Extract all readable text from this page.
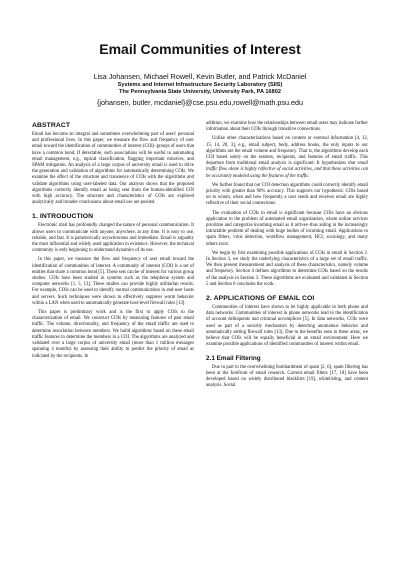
Email Communities of Interest
Lisa Johansen, Michael Rowell, Kevin Butler, and Patrick McDaniel
Systems and Internet Infrastructure Security Laboratory (SIIS)
The Pennsylvania State University, University Park, PA 16802
{johansen, butler, mcdaniel}@cse.psu.edu,rowell@math.psu.edu
ABSTRACT

Email has become an integral and sometimes overwhelming part of users' personal and professional lives. In this paper, we measure the flow and frequency of user email toward the identification of communities of interest (COI)–groups of users that have a common bond. If detectable, such associations will be useful in automating email management, e.g., topical classification, flagging important missives, and SPAM mitigation. An analysis of a large corpus of university email is used to drive the generation and validation of algorithms for automatically determining COIs. We examine the effect of the structure and transience of COIs with the algorithms and validate algorithms using user-labeled data. Our analysis shows that the proposed algorithms correctly identify email as being sent from the human-identified COI with high accuracy. The structure and characteristics of COIs are explored analytically and broader conclusions about email use are posited.

1. INTRODUCTION

Electronic mail has profoundly changed the nature of personal communication. It allows users to communicate with anyone, anywhere, at any time. It is easy to use, reliable, and fast. It is paradoxically asynchronous and immediate. Email is arguably the most influential and widely used application in existence. However, the technical community is only beginning to understand dynamics of its use.

In this paper, we measure the flow and frequency of user email toward the identification of communities of interest. A community of interest (COI) is a set of entities that share a common bond [5]. These sets can be of interest for various group studies. COIs have been studied in systems such as the telephone system and computer networks [1, 5, 13]. These studies can provide highly utilitarian results. For example, COIs can be used to identify normal communication in end-user hosts and servers. Such techniques were shown to effectively suppress worm behavior within a LAN when used to automatically generate host-level firewall rules [13].

This paper is preliminary work and is the first to apply COIs to the characterization of email. We construct COIs by measuring features of past email traffic. The volume, directionality, and frequency of the email traffic are used to determine association between members. We build algorithms based on these email traffic features to determine the members in a COI. The algorithms are analyzed and validated over a large corpus of university email (more than 1 million messages spanning 4 months) by assessing their ability to predict the priority of email as indicated by the recipients. In

addition, we examine how the relationships between email users may indicate further information about their COIs through transitive connections.

Unlike other characterizations based on content or external information [4, 12, 15, 14, 20, 3], e.g., email subject, body, address books, the only inputs to our algorithms are the email volume and frequency. That is, the algorithms develop each COI based solely on the senders, recipients, and features of email traffic. This departure from traditional email analysis is significant. It hypothesizes that email traffic flow alone is highly reflective of social activities, and that these activities can be accurately modeled using the features of the traffic.

We further found that our COI detection algorithms could correctly identify email priority with greater than 90% accuracy. This supports our hypothesis: COIs based on to whom, when and how frequently a user sends and receives email are highly reflective of their social connections.

The evaluation of COIs in email is significant because COIs have an obvious application to the problem of automated email organization, where online services prioritize and categorize incoming email as it arrives–thus aiding in the increasingly intractable problem of dealing with huge bodies of incoming email. Applications to spam filters, virus detection, workflow management, HCI, sociology, and many others exist.

We begin by first examining possible applications of COIs in email in Section 2. In Section 3, we study the underlying characteristics of a large set of email traffic. We then present measurement and analysis of these characteristics, namely volume and frequency. Section 4 defines algorithms to determine COIs based on the results of the analysis in Section 3. These algorithms are evaluated and validated in Section 5 and Section 6 concludes the work.

2. APPLICATIONS OF EMAIL COI

Communities of interest have shown to be highly applicable in both phone and data networks. Communities of interest in phone networks lead to the identification of account delinquents and criminal accomplices [5]. In data networks, COIs were used as part of a security mechanism by detecting anomalous behavior and automatically setting firewall rules [13]. Due to the benefits seen in these areas, we believe that COIs will be equally beneficial in an email environment. Here we examine possible applications of identified communities of interest within email.

2.1 Email Filtering

Due in part to the overwhelming bombardment of spam [2, 6], spam filtering has been at the forefront of email research. Current email filters [17, 18] have been developed based on widely distributed blacklists [19], whitelisting, and content analysis. Social
